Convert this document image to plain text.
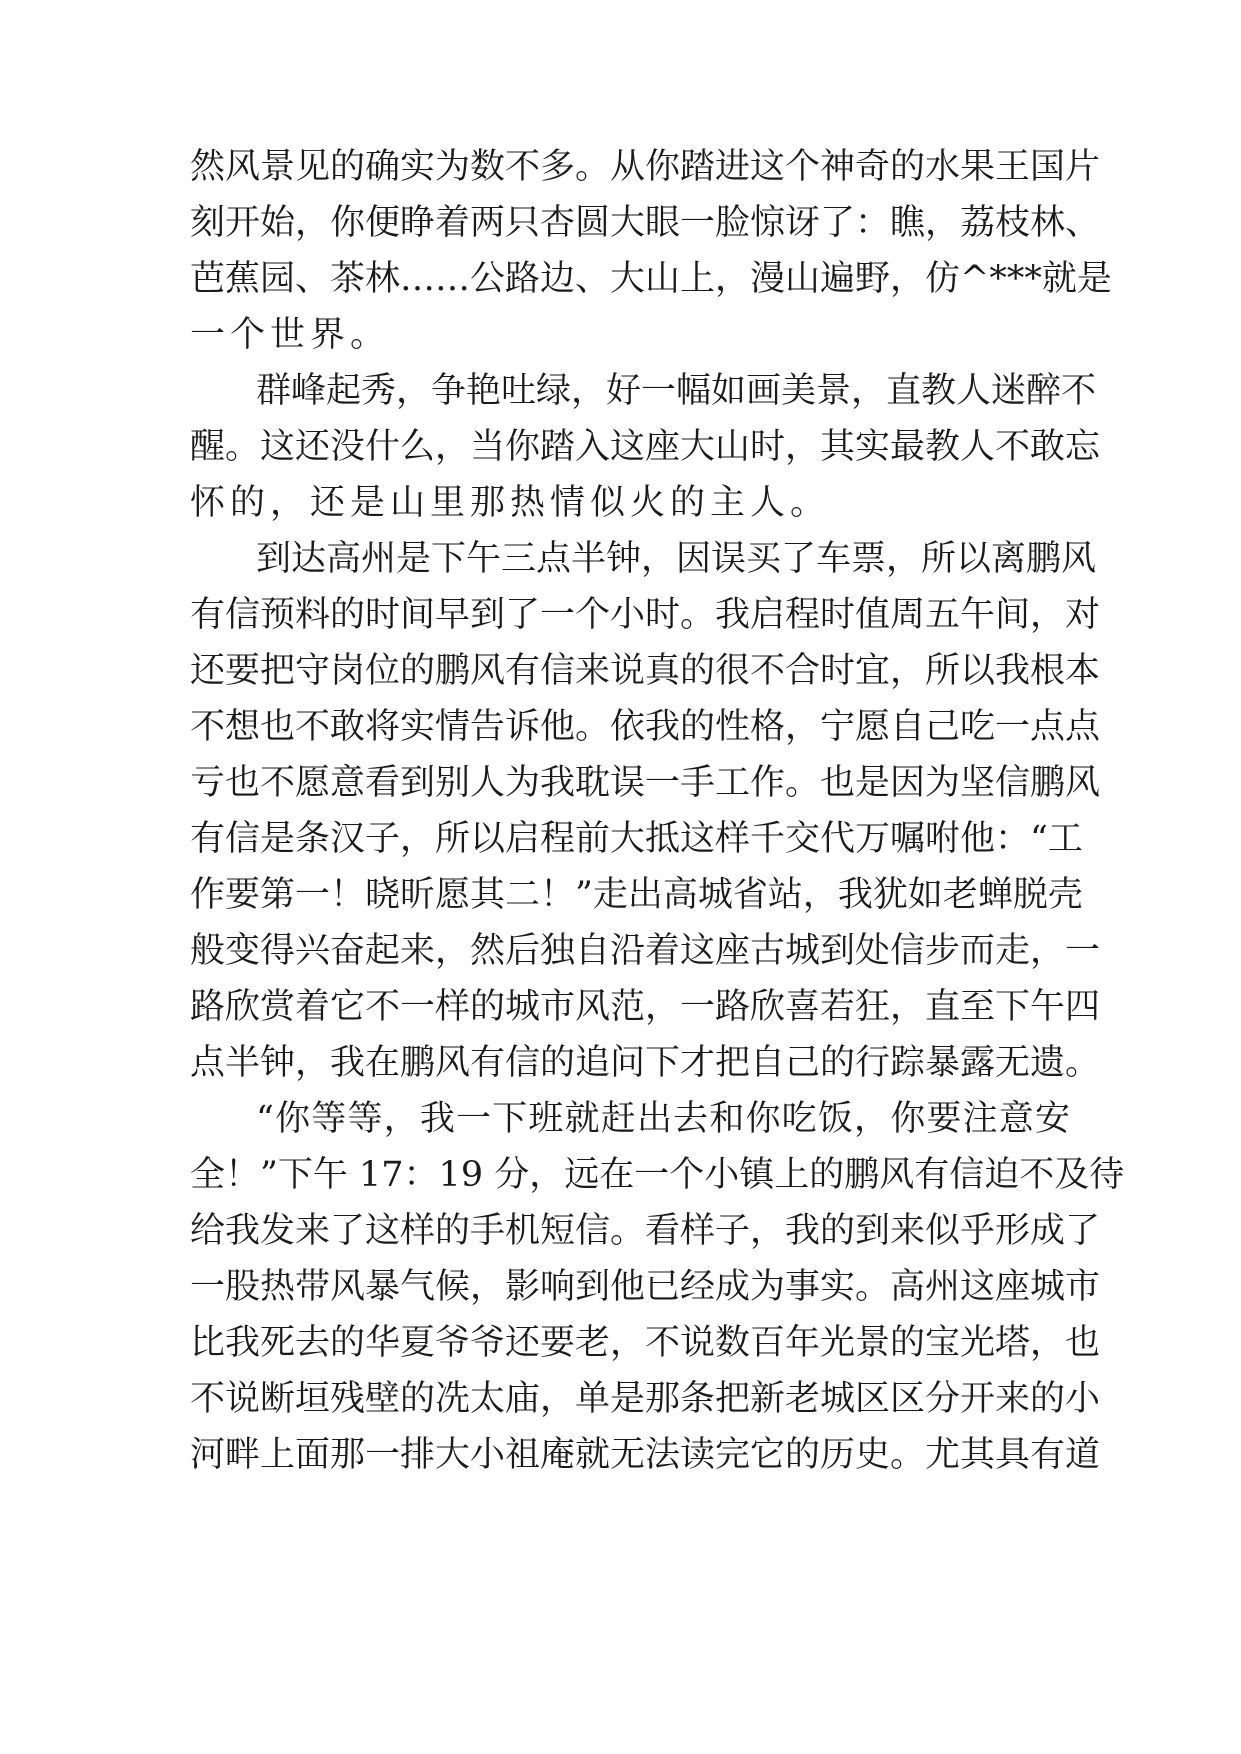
然风景见的确实为数不多。从你踏进这个神奇的水果王国片
刻开始，你便睁着两只杏圆大眼一脸惊讶了：瞧，荔枝林、
芭蕉园、茶林……公路边、大山上，漫山遍野，仿^***就是
一个世界。
群峰起秀，争艳吐绿，好一幅如画美景，直教人迷醉不
醒。这还没什么，当你踏入这座大山时，其实最教人不敢忘
怀的，还是山里那热情似火的主人。
到达高州是下午三点半钟，因误买了车票，所以离鹏风
有信预料的时间早到了一个小时。我启程时值周五午间，对
还要把守岗位的鹏风有信来说真的很不合时宜，所以我根本
不想也不敢将实情告诉他。依我的性格，宁愿自己吃一点点
亏也不愿意看到别人为我耽误一手工作。也是因为坚信鹏风
有信是条汉子，所以启程前大抵这样千交代万嘱咐他：“工
作要第一！晓昕愿其二！”走出高城省站，我犹如老蝉脱壳
般变得兴奋起来，然后独自沿着这座古城到处信步而走，一
路欣赏着它不一样的城市风范，一路欣喜若狂，直至下午四
点半钟，我在鹏风有信的追问下才把自己的行踪暴露无遗。
“你等等，我一下班就赶出去和你吃饭，你要注意安
全！”下午 17：19 分，远在一个小镇上的鹏风有信迫不及待
给我发来了这样的手机短信。看样子，我的到来似乎形成了
一股热带风暴气候，影响到他已经成为事实。高州这座城市
比我死去的华夏爷爷还要老，不说数百年光景的宝光塔，也
不说断垣残壁的冼太庙，单是那条把新老城区区分开来的小
河畔上面那一排大小祖庵就无法读完它的历史。尤其具有道
